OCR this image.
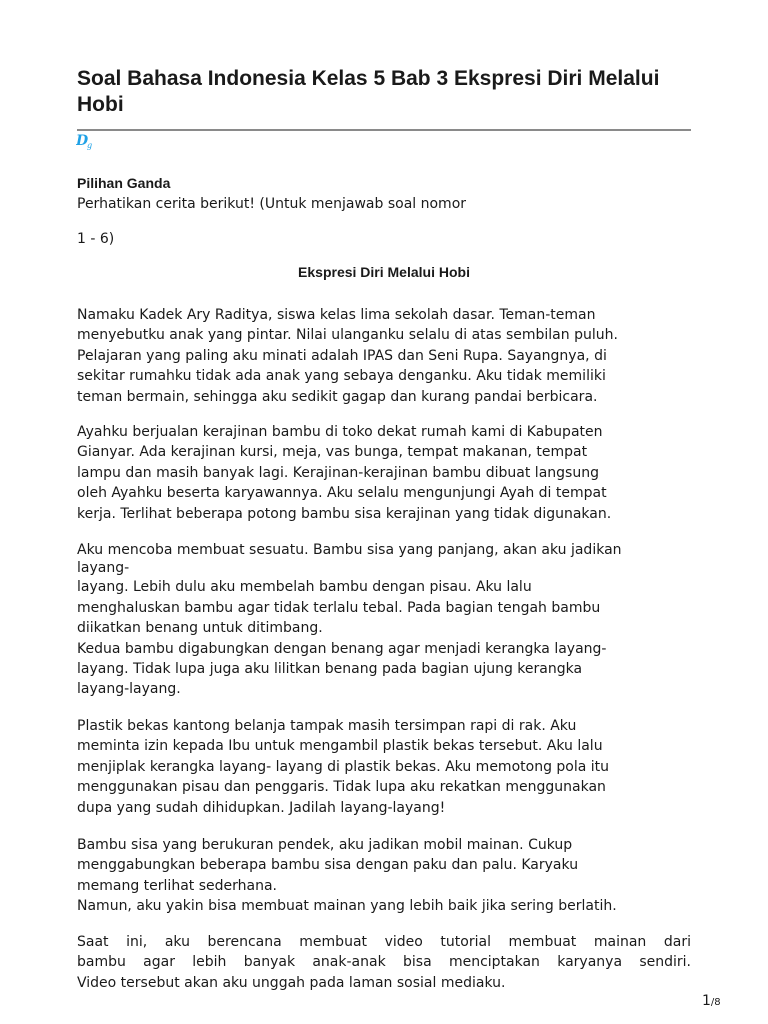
Soal Bahasa Indonesia Kelas 5 Bab 3 Ekspresi Diri Melalui Hobi
D
g
Pilihan Ganda

Perhatikan cerita berikut! (Untuk menjawab soal nomor

1 - 6)

Ekspresi Diri Melalui Hobi
Namaku Kadek Ary Raditya, siswa kelas lima sekolah dasar. Teman-teman
menyebutku anak yang pintar. Nilai ulanganku selalu di atas sembilan puluh.
Pelajaran yang paling aku minati adalah IPAS dan Seni Rupa. Sayangnya, di
sekitar rumahku tidak ada anak yang sebaya denganku. Aku tidak memiliki
teman bermain, sehingga aku sedikit gagap dan kurang pandai berbicara.
Ayahku berjualan kerajinan bambu di toko dekat rumah kami di Kabupaten
Gianyar. Ada kerajinan kursi, meja, vas bunga, tempat makanan, tempat
lampu dan masih banyak lagi. Kerajinan-kerajinan bambu dibuat langsung
oleh Ayahku beserta karyawannya. Aku selalu mengunjungi Ayah di tempat
kerja. Terlihat beberapa potong bambu sisa kerajinan yang tidak digunakan.
Aku mencoba membuat sesuatu. Bambu sisa yang panjang, akan aku jadikan
layang-
layang. Lebih dulu aku membelah bambu dengan pisau. Aku lalu
menghaluskan bambu agar tidak terlalu tebal. Pada bagian tengah bambu
diikatkan benang untuk ditimbang.
Kedua bambu digabungkan dengan benang agar menjadi kerangka layang-
layang. Tidak lupa juga aku lilitkan benang pada bagian ujung kerangka
layang-layang.
Plastik bekas kantong belanja tampak masih tersimpan rapi di rak. Aku
meminta izin kepada Ibu untuk mengambil plastik bekas tersebut. Aku lalu
menjiplak kerangka layang- layang di plastik bekas. Aku memotong pola itu
menggunakan pisau dan penggaris. Tidak lupa aku rekatkan menggunakan
dupa yang sudah dihidupkan. Jadilah layang-layang!
Bambu sisa yang berukuran pendek, aku jadikan mobil mainan. Cukup
menggabungkan beberapa bambu sisa dengan paku dan palu. Karyaku
memang terlihat sederhana.
Namun, aku yakin bisa membuat mainan yang lebih baik jika sering berlatih.
Saat ini, aku berencana membuat video tutorial membuat mainan dari
bambu agar lebih banyak anak-anak bisa menciptakan karyanya sendiri.
Video tersebut akan aku unggah pada laman sosial mediaku.
1/8
